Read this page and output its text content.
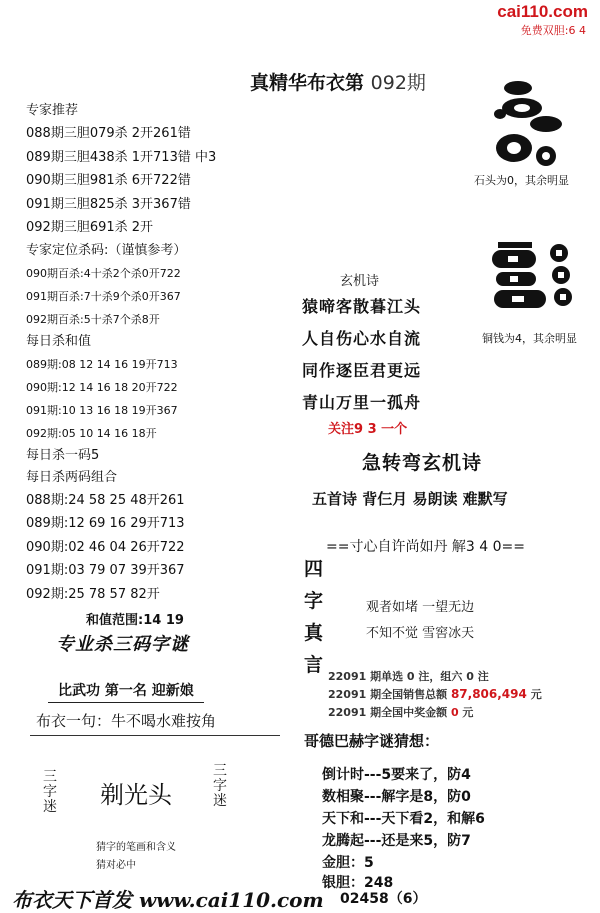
cai110.com
免费双胆:6 4
真精华布衣第 092期
专家推荐
088期三胆079杀 2开261错
089期三胆438杀 1开713错 中3
090期三胆981杀 6开722错
091期三胆825杀 3开367错
092期三胆691杀 2开
专家定位杀码:（谨慎参考）
090期百杀:4十杀2个杀0开722
091期百杀:7十杀9个杀0开367
092期百杀:5十杀7个杀8开
每日杀和值
089期:08 12 14 16 19开713
090期:12 14 16 18 20开722
091期:10 13 16 18 19开367
092期:05 10 14 16 18开
每日杀一码5
每日杀两码组合
088期:24 58 25 48开261
089期:12 69 16 29开713
090期:02 46 04 26开722
091期:03 79 07 39开367
092期:25 78 57 82开
和值范围:14 19
专业杀三码字谜
比武功 第一名 迎新娘
布衣一句：牛不喝水难按角
三字迷 剃光头
三字迷
猜字的笔画和含义
猜对必中
布衣天下首发 www.cai110.com
石头为0，其余明显
铜钱为4，其余明显
玄机诗
猿啼客散暮江头
人自伤心水自流
同作逐臣君更远
青山万里一孤舟
关注9 3 一个
急转弯玄机诗
五首诗 背仨月 易朗读 难默写
==寸心自许尚如丹 解3 4 0==
四
字
真
言
观者如堵 一望无边
不知不觉 雪窖冰天
22091 期单选 0 注，组六 0 注
22091 期全国销售总额 87,806,494 元
22091 期全国中奖金额 0 元
哥德巴赫字谜猜想：
倒计时---5要来了，防4
数相聚---解字是8，防0
天下和---天下看2，和解6
龙腾起---还是来5，防7
金胆：5
银胆：248
02458（6）
